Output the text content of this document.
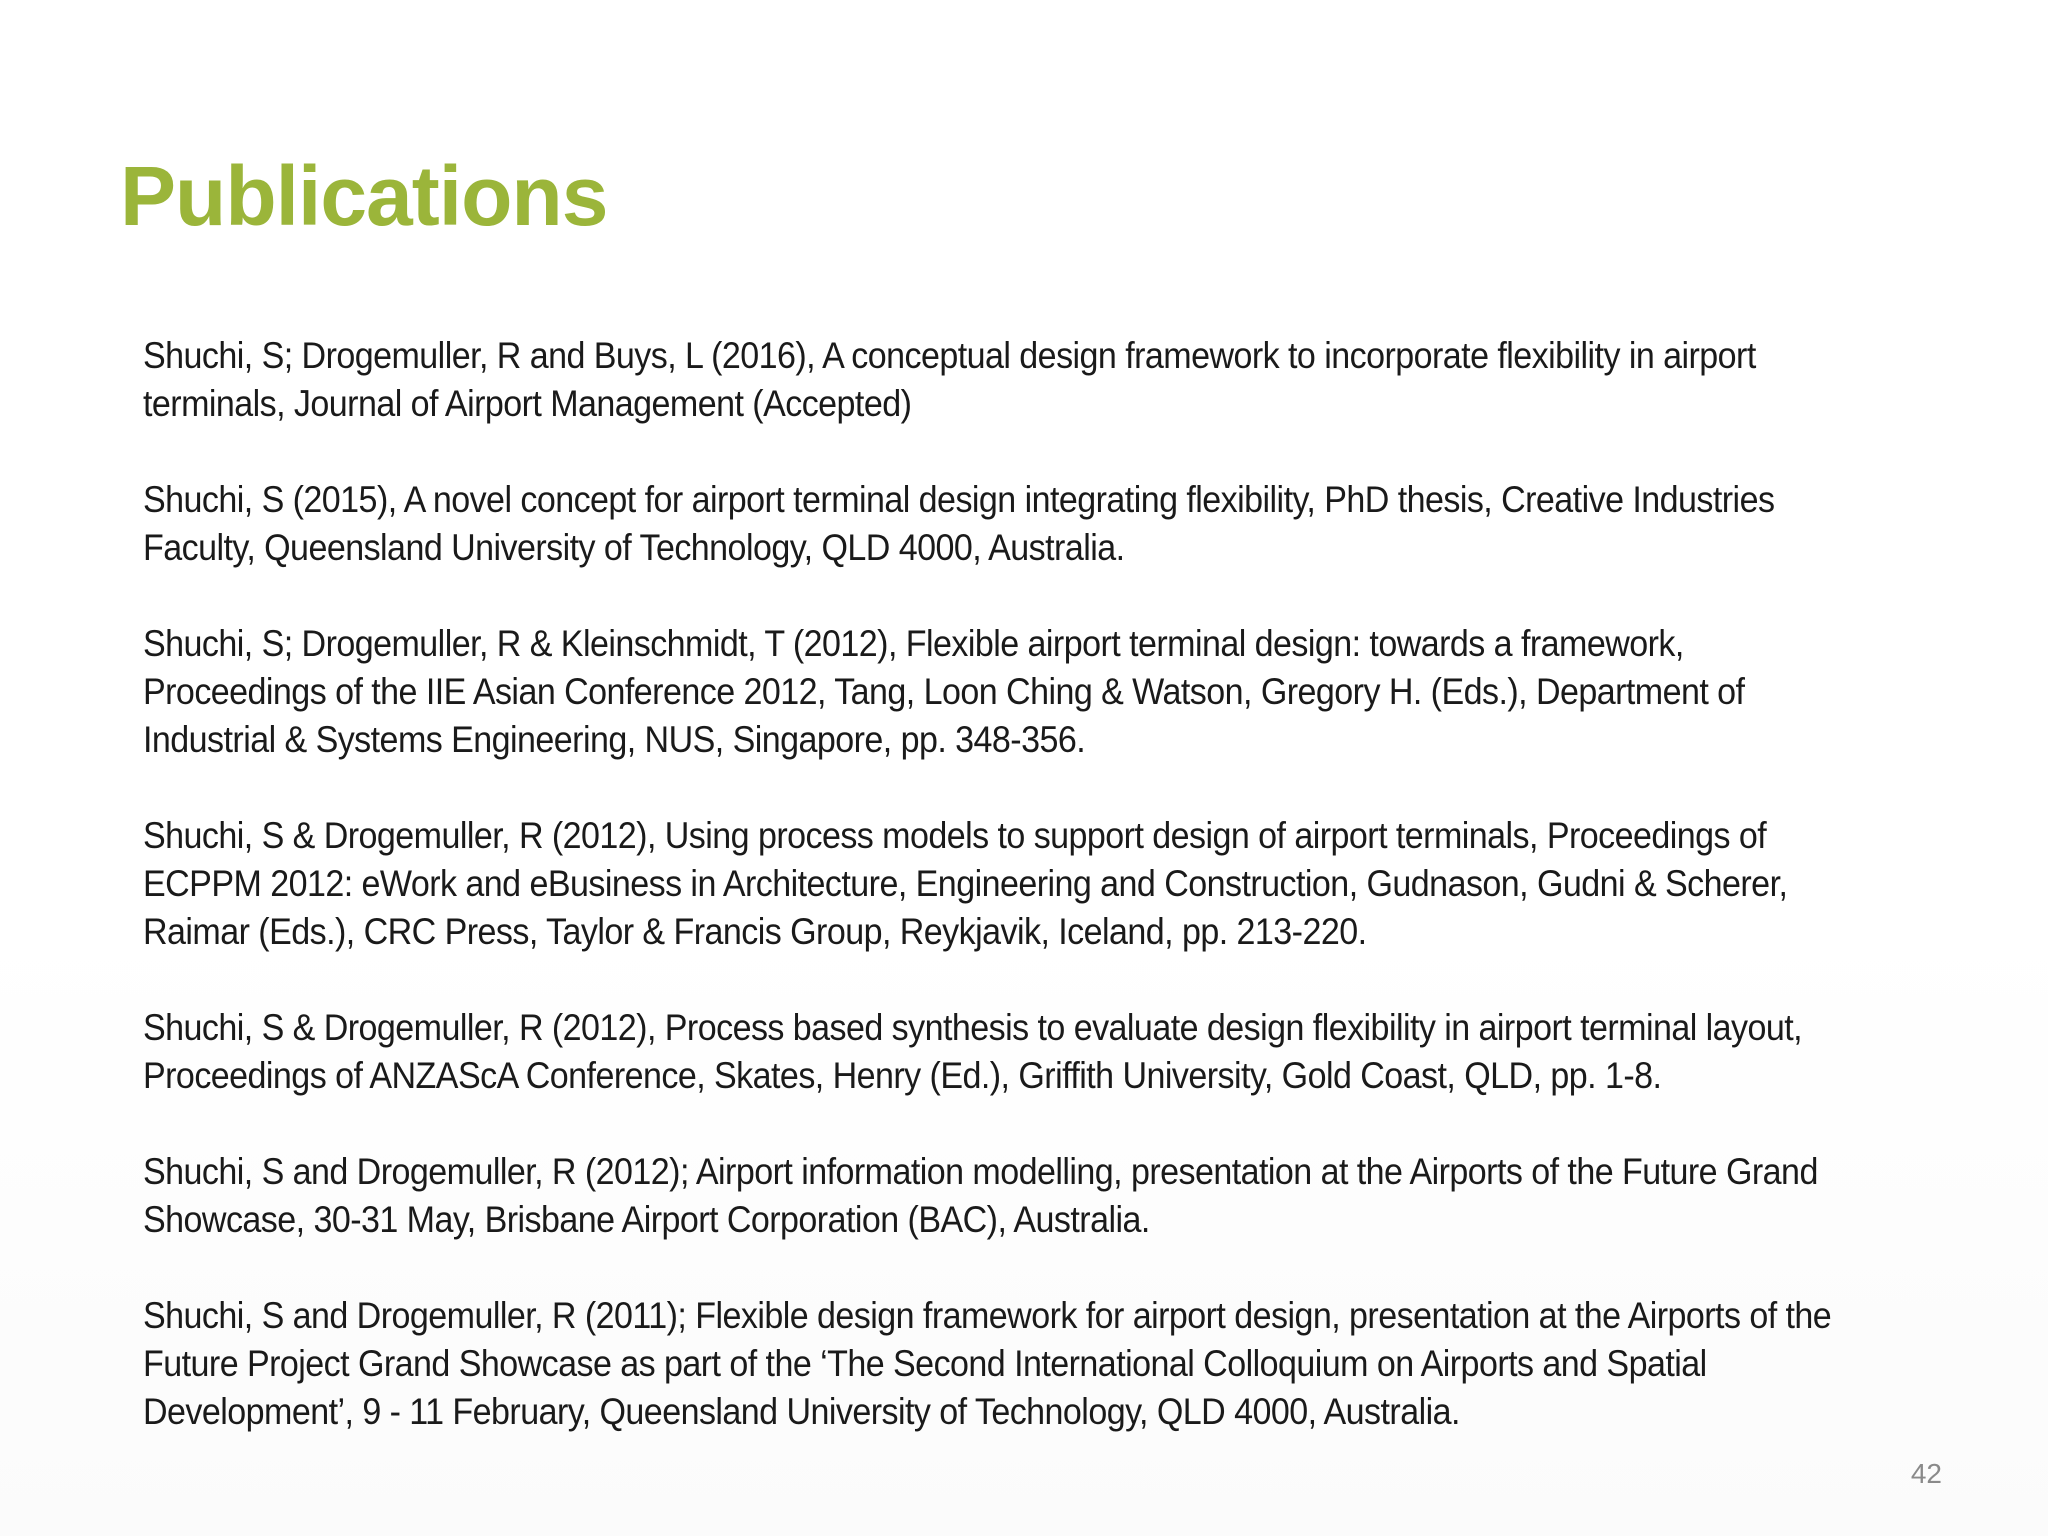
Publications
Shuchi, S; Drogemuller, R and Buys, L (2016), A conceptual design framework to incorporate flexibility in airport terminals, Journal of Airport Management (Accepted)
Shuchi, S (2015), A novel concept for airport terminal design integrating flexibility, PhD thesis, Creative Industries Faculty, Queensland University of Technology, QLD 4000, Australia.
Shuchi, S; Drogemuller, R & Kleinschmidt, T (2012), Flexible airport terminal design: towards a framework, Proceedings of the IIE Asian Conference 2012, Tang, Loon Ching & Watson, Gregory H. (Eds.), Department of Industrial & Systems Engineering, NUS, Singapore, pp. 348-356.
Shuchi, S & Drogemuller, R (2012), Using process models to support design of airport terminals, Proceedings of ECPPM 2012: eWork and eBusiness in Architecture, Engineering and Construction, Gudnason, Gudni & Scherer, Raimar (Eds.), CRC Press, Taylor & Francis Group, Reykjavik, Iceland, pp. 213-220.
Shuchi, S & Drogemuller, R (2012), Process based synthesis to evaluate design flexibility in airport terminal layout, Proceedings of ANZAScA Conference, Skates, Henry (Ed.), Griffith University, Gold Coast, QLD, pp. 1-8.
Shuchi, S and Drogemuller, R (2012); Airport information modelling, presentation at the Airports of the Future Grand Showcase, 30-31 May, Brisbane Airport Corporation (BAC), Australia.
Shuchi, S and Drogemuller, R (2011); Flexible design framework for airport design, presentation at the Airports of the Future Project Grand Showcase as part of the ‘The Second International Colloquium on Airports and Spatial Development’, 9 - 11 February, Queensland University of Technology, QLD 4000, Australia.
42
